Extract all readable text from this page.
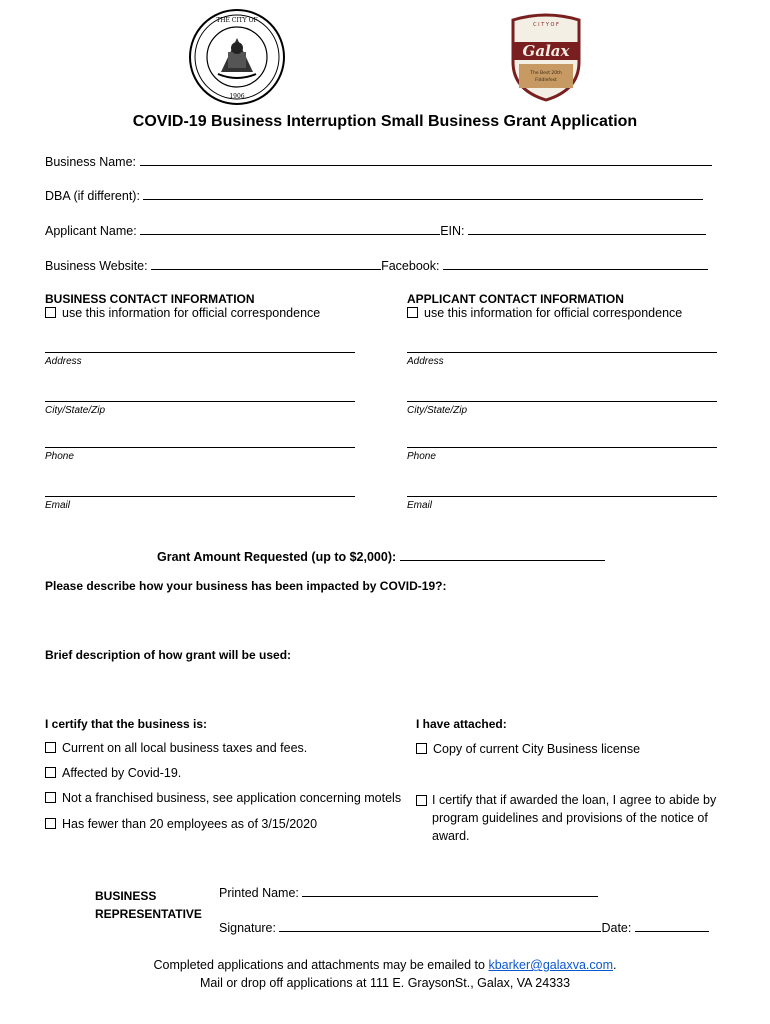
THE CITY OF
1906
Galax
C I T Y O F
The Best 20th
Fiddlefest
COVID-19 Business Interruption Small Business Grant Application
Business Name:
DBA (if different):
Applicant Name:	EIN:
Business Website:	Facebook:
BUSINESS CONTACT INFORMATION
use this information for official correspondence
APPLICANT CONTACT INFORMATION
use this information for official correspondence
Address
City/State/Zip
Phone
Email
Address
City/State/Zip
Phone
Email
Grant Amount Requested (up to $2,000):
Please describe how your business has been impacted by COVID-19?:
Brief description of how grant will be used:
I certify that the business is:
Current on all local business taxes and fees.
Affected by Covid-19.
Not a franchised business, see application concerning motels
Has fewer than 20 employees as of 3/15/2020
I have attached:
Copy of current City Business license
I certify that if awarded the loan, I agree to abide by program guidelines and provisions of the notice of award.
BUSINESS
REPRESENTATIVE
Printed Name:
Signature:	Date:
Completed applications and attachments may be emailed to kbarker@galaxva.com.
Mail or drop off applications at 111 E. GraysonSt., Galax, VA 24333
